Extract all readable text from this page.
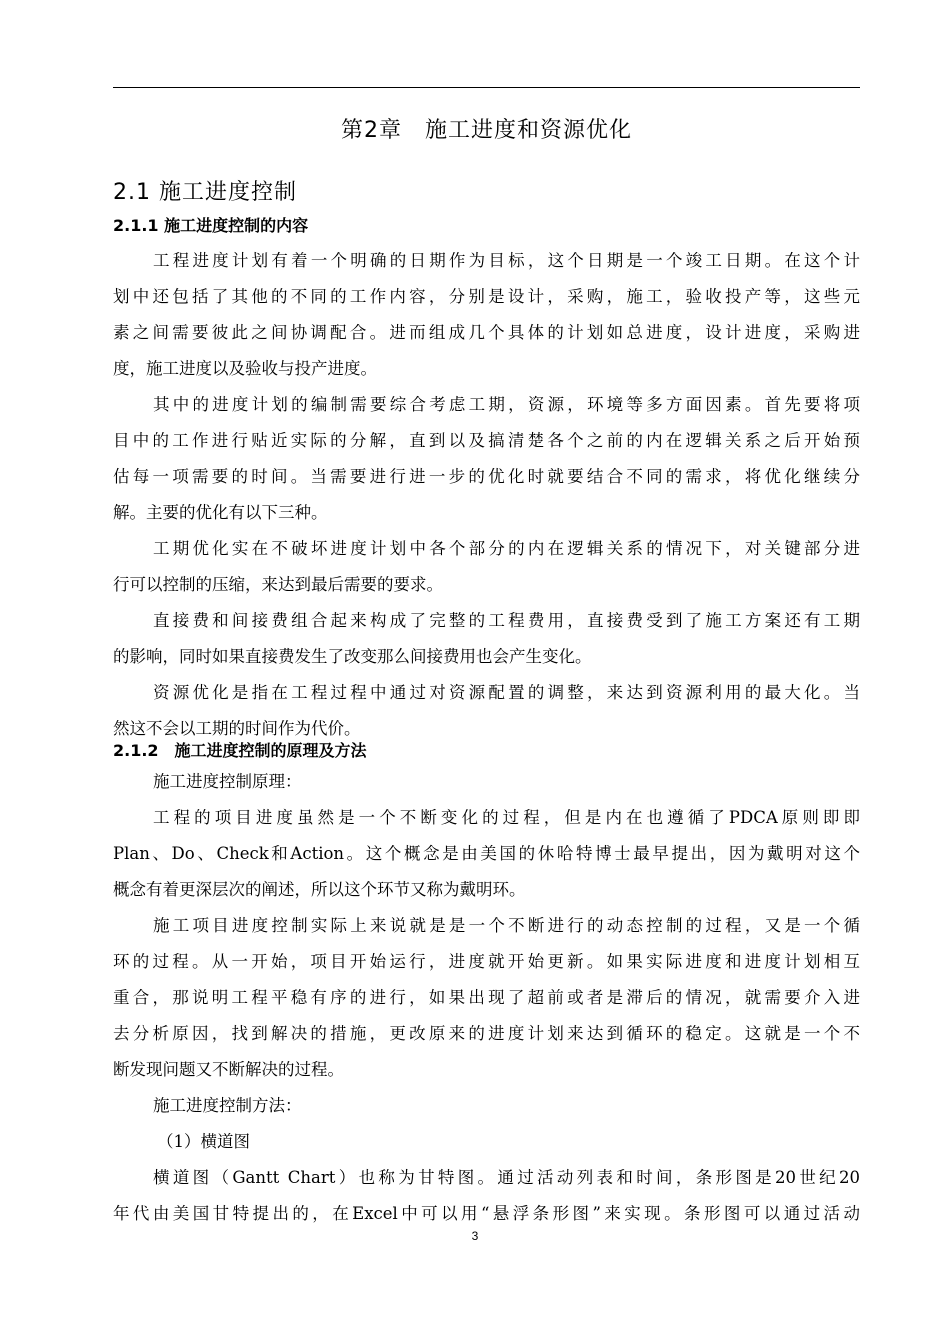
第2章　施工进度和资源优化
2.1 施工进度控制
2.1.1 施工进度控制的内容
工程进度计划有着一个明确的日期作为目标，这个日期是一个竣工日期。在这个计
划中还包括了其他的不同的工作内容，分别是设计，采购，施工，验收投产等，这些元
素之间需要彼此之间协调配合。进而组成几个具体的计划如总进度，设计进度，采购进
度，施工进度以及验收与投产进度。
其中的进度计划的编制需要综合考虑工期，资源，环境等多方面因素。首先要将项
目中的工作进行贴近实际的分解，直到以及搞清楚各个之前的内在逻辑关系之后开始预
估每一项需要的时间。当需要进行进一步的优化时就要结合不同的需求，将优化继续分
解。主要的优化有以下三种。
工期优化实在不破坏进度计划中各个部分的内在逻辑关系的情况下，对关键部分进
行可以控制的压缩，来达到最后需要的要求。
直接费和间接费组合起来构成了完整的工程费用，直接费受到了施工方案还有工期
的影响，同时如果直接费发生了改变那么间接费用也会产生变化。
资源优化是指在工程过程中通过对资源配置的调整，来达到资源利用的最大化。当
然这不会以工期的时间作为代价。
2.1.2　施工进度控制的原理及方法
施工进度控制原理：
工程的项目进度虽然是一个不断变化的过程，但是内在也遵循了PDCA原则即即
Plan、Do、Check和Action。这个概念是由美国的休哈特博士最早提出，因为戴明对这个
概念有着更深层次的阐述，所以这个环节又称为戴明环。
施工项目进度控制实际上来说就是是一个不断进行的动态控制的过程，又是一个循
环的过程。从一开始，项目开始运行，进度就开始更新。如果实际进度和进度计划相互
重合，那说明工程平稳有序的进行，如果出现了超前或者是滞后的情况，就需要介入进
去分析原因，找到解决的措施，更改原来的进度计划来达到循环的稳定。这就是一个不
断发现问题又不断解决的过程。
施工进度控制方法：
（1）横道图
横道图（Gantt Chart）也称为甘特图。通过活动列表和时间，条形图是20世纪20
年代由美国甘特提出的，在Excel中可以用“悬浮条形图”来实现。条形图可以通过活动
3
